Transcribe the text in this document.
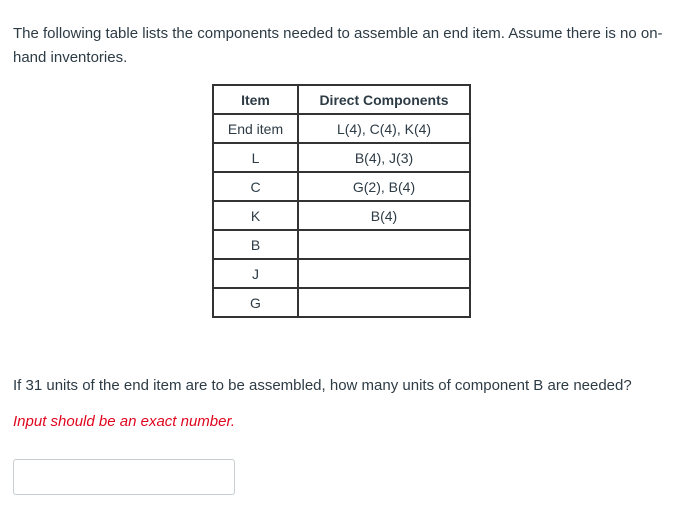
The following table lists the components needed to assemble an end item. Assume there is no on-hand inventories.

Item	Direct Components
End item	L(4), C(4), K(4)
L	B(4), J(3)
C	G(2), B(4)
K	B(4)
B	
J	
G	

If 31 units of the end item are to be assembled, how many units of component B are needed?

Input should be an exact number.
